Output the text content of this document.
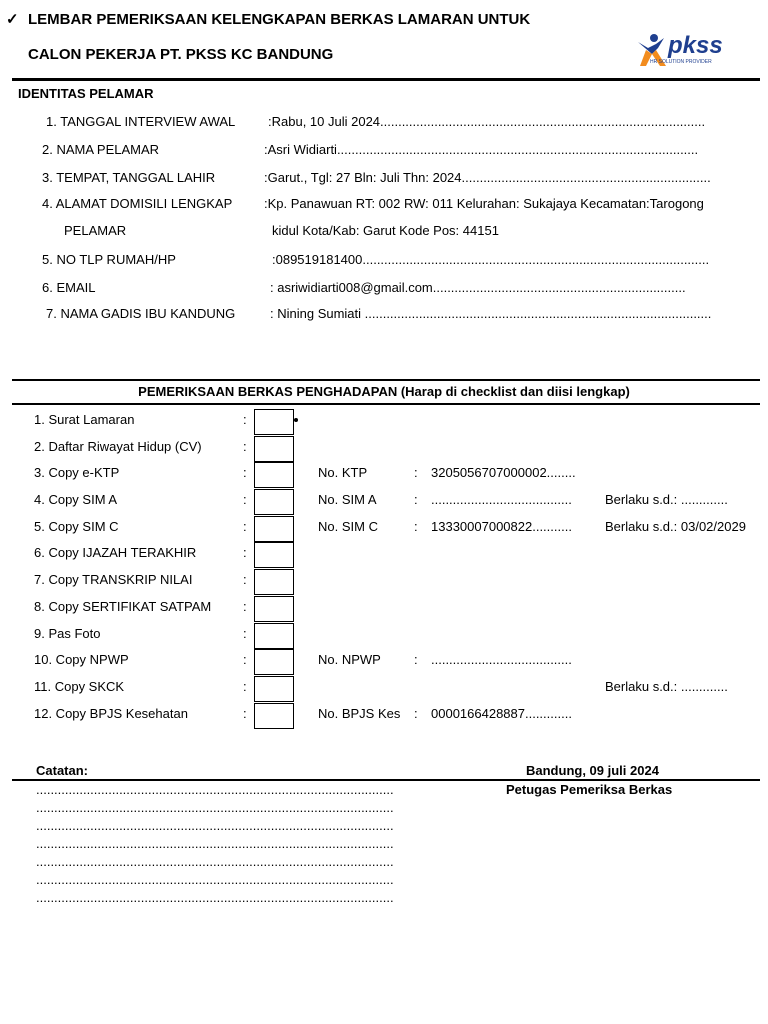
✓ LEMBAR PEMERIKSAAN KELENGKAPAN BERKAS LAMARAN UNTUK
CALON PEKERJA PT. PKSS KC BANDUNG	pkss
HR SOLUTION PROVIDER
IDENTITAS PELAMAR
1. TANGGAL INTERVIEW AWAL	:Rabu, 10 Juli 2024..........................................................................................
2. NAMA PELAMAR	:Asri Widiarti....................................................................................................
3. TEMPAT, TANGGAL LAHIR	:Garut., Tgl: 27 Bln: Juli Thn: 2024.....................................................................
4. ALAMAT DOMISILI LENGKAP :Kp. Panawuan RT: 002 RW: 011 Kelurahan: Sukajaya Kecamatan:Tarogong
PELAMAR	kidul Kota/Kab: Garut Kode Pos: 44151
5. NO TLP RUMAH/HP	:089519181400................................................................................................
6. EMAIL	: asriwidiarti008@gmail.com......................................................................
7. NAMA GADIS IBU KANDUNG	: Nining Sumiati ................................................................................................
PEMERIKSAAN BERKAS PENGHADAPAN (Harap di checklist dan diisi lengkap)
1. Surat Lamaran	:
2. Daftar Riwayat Hidup (CV)	:
3. Copy e-KTP	:	No. KTP	: 3205056707000002........
4. Copy SIM A	:	No. SIM A	: .......................................	Berlaku s.d.: .............
5. Copy SIM C	:	No. SIM C	: 13330007000822...........	Berlaku s.d.: 03/02/2029
6. Copy IJAZAH TERAKHIR	:
7. Copy TRANSKRIP NILAI	:
8. Copy SERTIFIKAT SATPAM :
9. Pas Foto	:
10. Copy NPWP	:	No. NPWP	: .......................................
11. Copy SKCK	:	Berlaku s.d.: .............
12. Copy BPJS Kesehatan	:	No. BPJS Kes : 0000166428887.............
Catatan:	Bandung, 09 juli 2024
Petugas Pemeriksa Berkas
...................................................................................................
...................................................................................................
...................................................................................................
...................................................................................................
...................................................................................................
...................................................................................................
...................................................................................................
